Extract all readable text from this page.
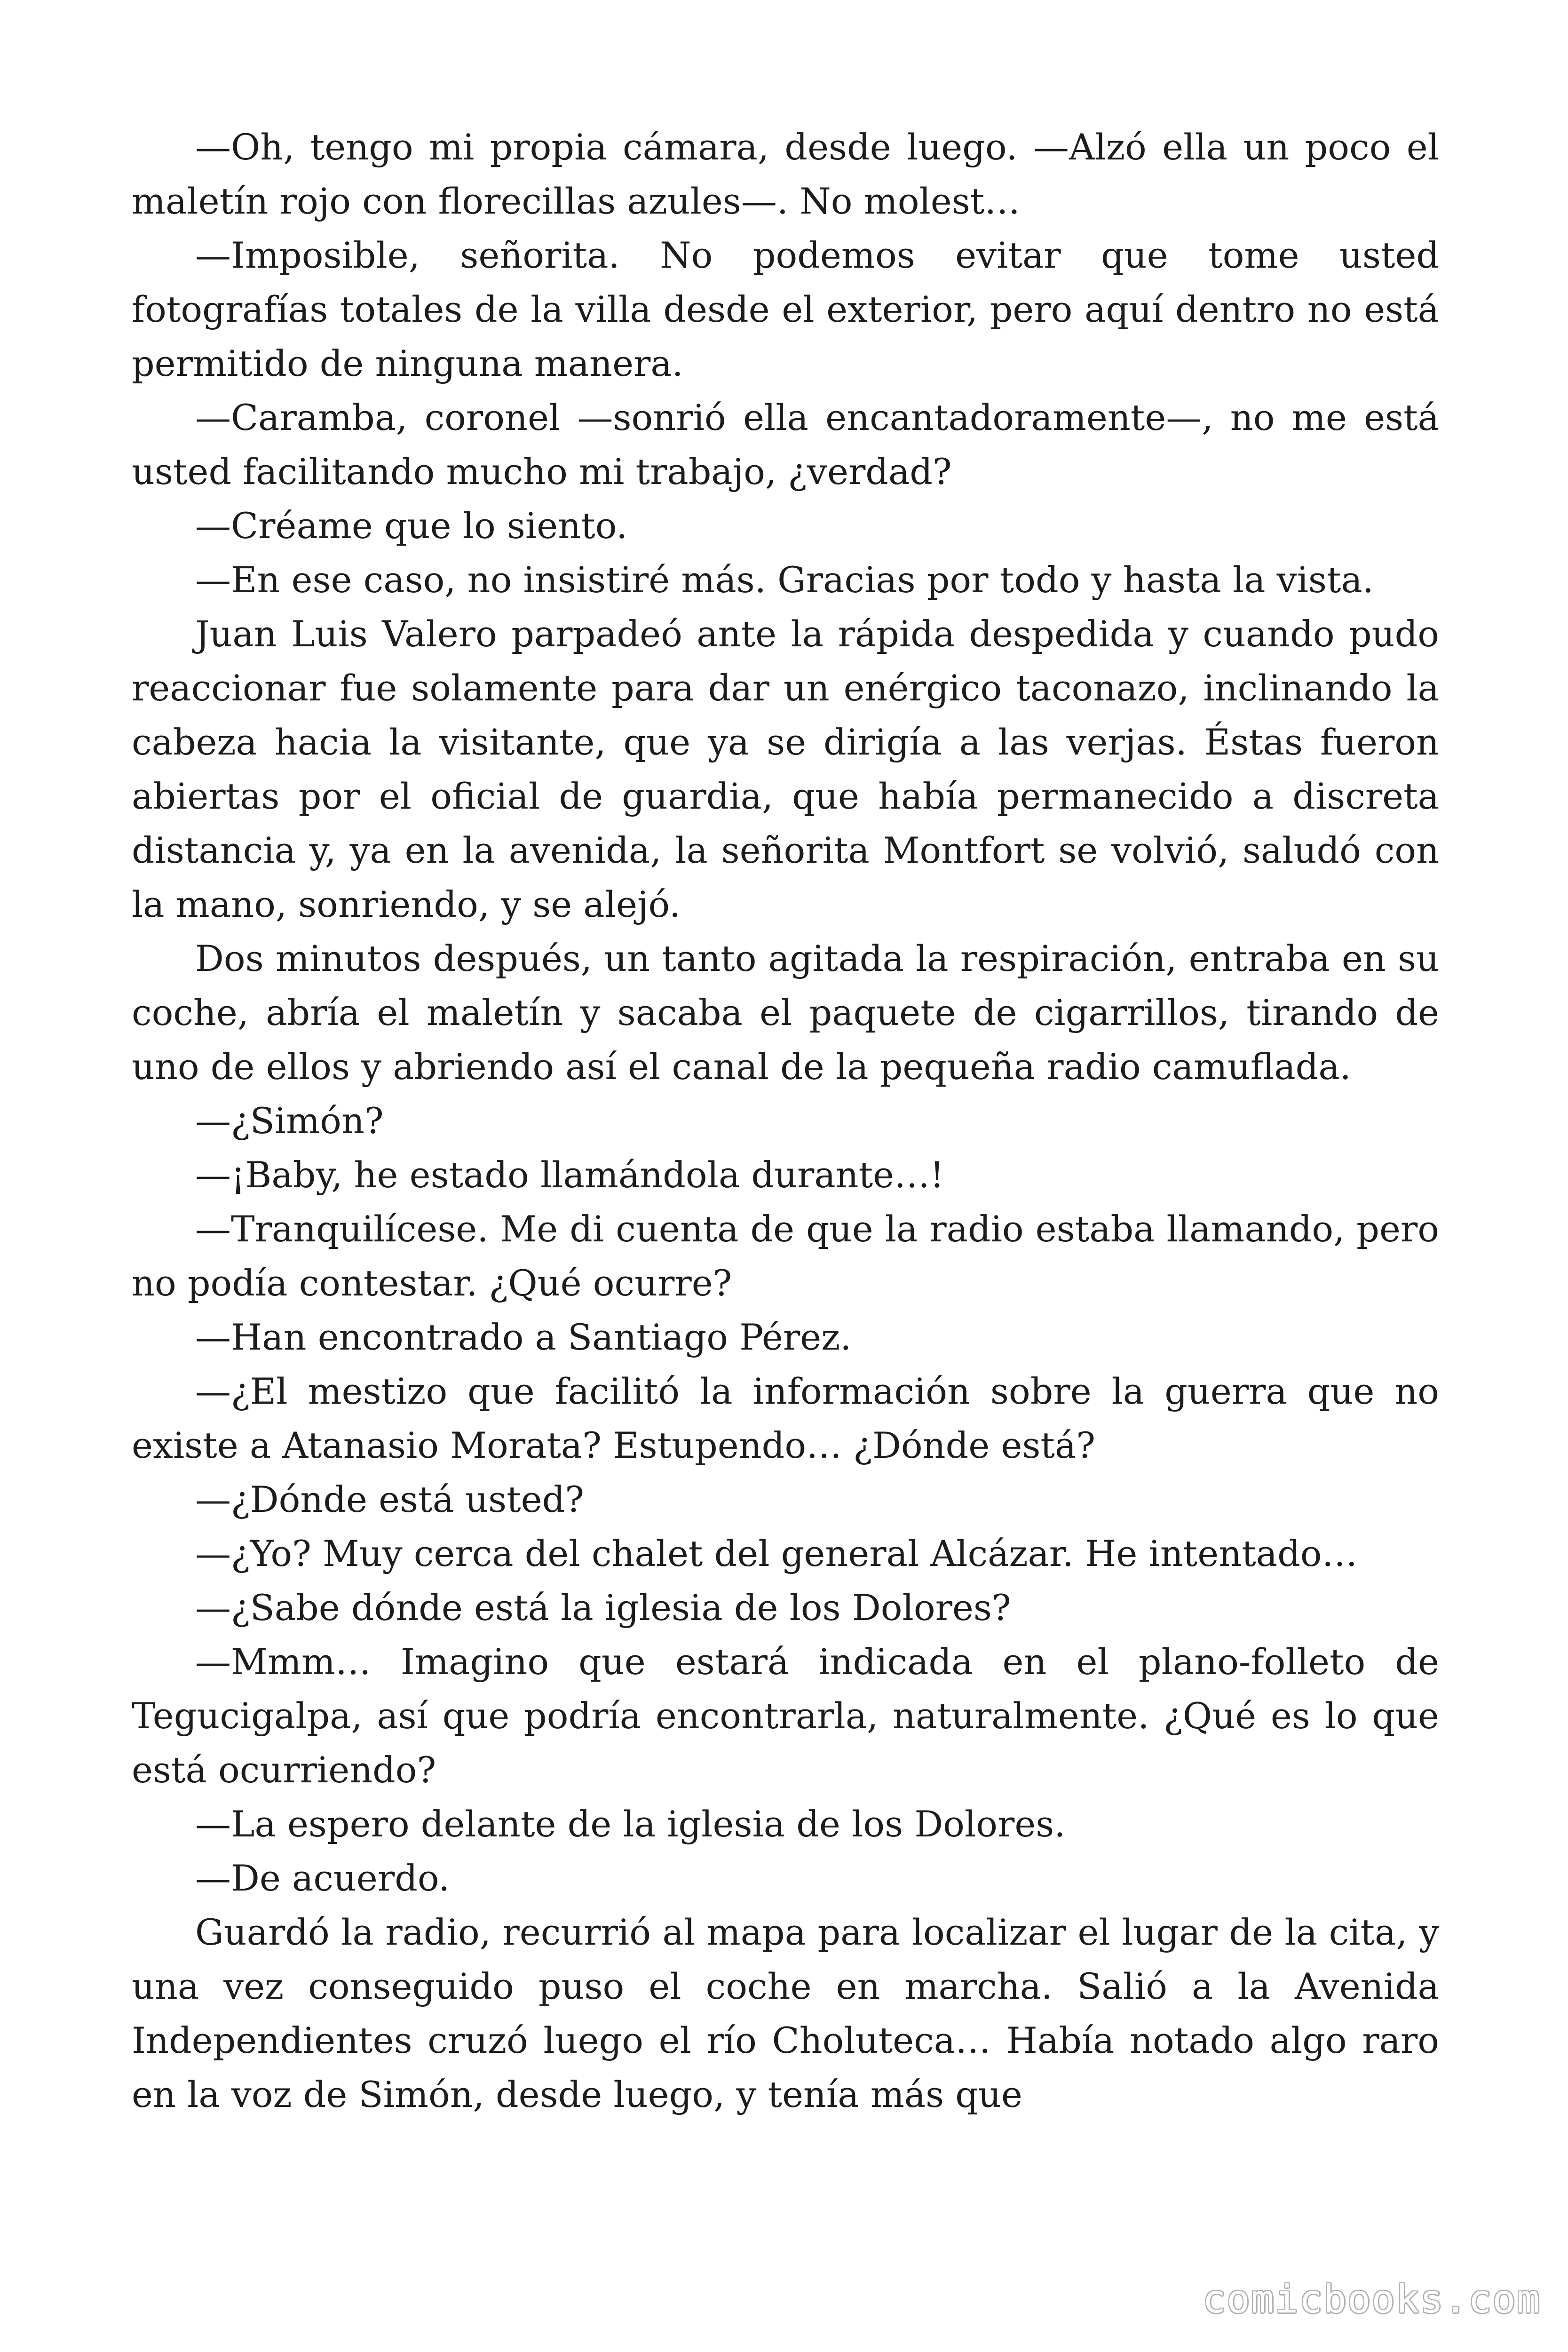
—Oh, tengo mi propia cámara, desde luego. —Alzó ella un poco el maletín rojo con florecillas azules—. No molest…

—Imposible, señorita. No podemos evitar que tome usted fotografías totales de la villa desde el exterior, pero aquí dentro no está permitido de ninguna manera.

—Caramba, coronel —sonrió ella encantadoramente—, no me está usted facilitando mucho mi trabajo, ¿verdad?

—Créame que lo siento.

—En ese caso, no insistiré más. Gracias por todo y hasta la vista.

Juan Luis Valero parpadeó ante la rápida despedida y cuando pudo reaccionar fue solamente para dar un enérgico taconazo, inclinando la cabeza hacia la visitante, que ya se dirigía a las verjas. Éstas fueron abiertas por el oficial de guardia, que había permanecido a discreta distancia y, ya en la avenida, la señorita Montfort se volvió, saludó con la mano, sonriendo, y se alejó.

Dos minutos después, un tanto agitada la respiración, entraba en su coche, abría el maletín y sacaba el paquete de cigarrillos, tirando de uno de ellos y abriendo así el canal de la pequeña radio camuflada.

—¿Simón?

—¡Baby, he estado llamándola durante…!

—Tranquilícese. Me di cuenta de que la radio estaba llamando, pero no podía contestar. ¿Qué ocurre?

—Han encontrado a Santiago Pérez.

—¿El mestizo que facilitó la información sobre la guerra que no existe a Atanasio Morata? Estupendo… ¿Dónde está?

—¿Dónde está usted?

—¿Yo? Muy cerca del chalet del general Alcázar. He intentado…

—¿Sabe dónde está la iglesia de los Dolores?

—Mmm… Imagino que estará indicada en el plano-folleto de Tegucigalpa, así que podría encontrarla, naturalmente. ¿Qué es lo que está ocurriendo?

—La espero delante de la iglesia de los Dolores.

—De acuerdo.

Guardó la radio, recurrió al mapa para localizar el lugar de la cita, y una vez conseguido puso el coche en marcha. Salió a la Avenida Independientes cruzó luego el río Choluteca… Había notado algo raro en la voz de Simón, desde luego, y tenía más que

comicbooks.com
